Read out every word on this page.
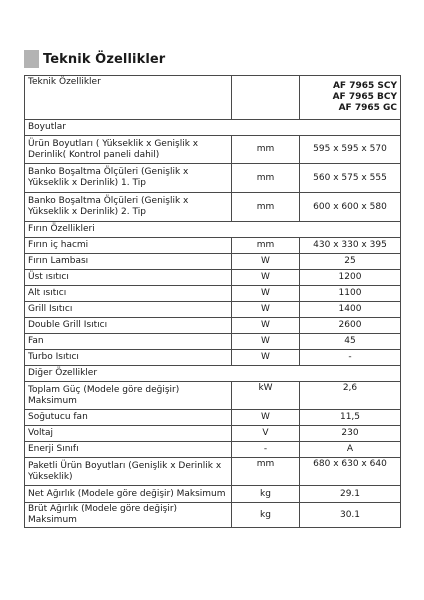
Teknik Özellikler
Teknik Özellikler		AF 7965 SCY
AF 7965 BCY
AF 7965 GC

Boyutlar		
Ürün Boyutları ( Yükseklik x Genişlik x Derinlik( Kontrol paneli dahil)	mm	595 x 595 x 570
Banko Boşaltma Ölçüleri (Genişlik x Yükseklik x Derinlik) 1. Tip	mm	560 x 575 x 555
Banko Boşaltma Ölçüleri (Genişlik x Yükseklik x Derinlik) 2. Tip	mm	600 x 600 x 580
Fırın Özellikleri		
Fırın iç hacmi	mm	430 x 330 x 395
Fırın Lambası	W	25
Üst ısıtıcı	W	1200
Alt ısıtıcı	W	1100
Grill Isıtıcı	W	1400
Double Grill Isıtıcı	W	2600
Fan	W	45
Turbo Isıtıcı	W	-
Diğer Özellikler		
Toplam Güç (Modele göre değişir) Maksimum	kW	2,6
Soğutucu fan	W	11,5
Voltaj	V	230
Enerji Sınıfı	-	A
Paketli Ürün Boyutları (Genişlik x Derinlik x Yükseklik)	mm	680 x 630 x 640
Net Ağırlık (Modele göre değişir) Maksimum	kg	29.1
Brüt Ağırlık (Modele göre değişir) Maksimum	kg	30.1
